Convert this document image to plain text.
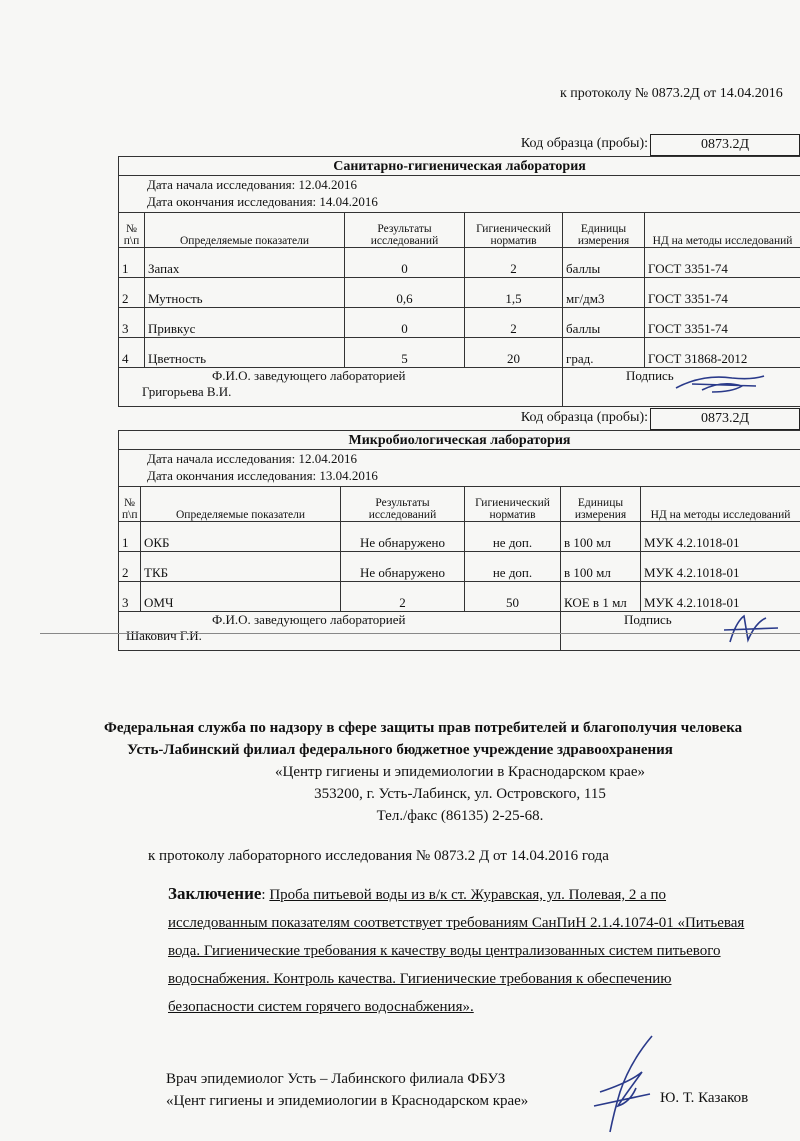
к протоколу № 0873.2Д от 14.04.2016
Код образца (пробы):	0873.2Д
Санитарно-гигиеническая лаборатория					

Дата начала исследования: 12.04.2016
Дата окончания исследования: 14.04.2016					

№ п\п	Определяемые показатели	Результаты исследований	Гигиенический норматив	Единицы измерения	НД на методы исследований
1	Запах	0	2	баллы	ГОСТ 3351-74
2	Мутность	0,6	1,5	мг/дм3	ГОСТ 3351-74
3	Привкус	0	2	баллы	ГОСТ 3351-74
4	Цветность	5	20	град.	ГОСТ 31868-2012

Ф.И.О. заведующего лабораторией
Григорьева В.И.				Подпись	
Код образца (пробы):	0873.2Д
Микробиологическая лаборатория					

Дата начала исследования: 12.04.2016
Дата окончания исследования: 13.04.2016					

№ п\п	Определяемые показатели	Результаты исследований	Гигиенический норматив	Единицы измерения	НД на методы исследований
1	ОКБ	Не обнаружено	не доп.	в 100 мл	МУК 4.2.1018-01
2	ТКБ	Не обнаружено	не доп.	в 100 мл	МУК 4.2.1018-01
3	ОМЧ	2	50	КОЕ в 1 мл	МУК 4.2.1018-01

Ф.И.О. заведующего лабораторией
Шакович Г.И.				Подпись	
Федеральная служба по надзору в сфере защиты прав потребителей и благополучия человека
Усть-Лабинский филиал федерального бюджетное учреждение здравоохранения
«Центр гигиены и эпидемиологии в Краснодарском крае»
353200, г. Усть-Лабинск, ул. Островского, 115
Тел./факс (86135) 2-25-68.
к протоколу лабораторного исследования № 0873.2 Д от 14.04.2016 года
Заключение: Проба питьевой воды из в/к ст. Журавская, ул. Полевая, 2 а по
исследованным показателям соответствует требованиям СанПиН 2.1.4.1074-01 «Питьевая
вода. Гигиенические требования к качеству воды централизованных систем питьевого
водоснабжения. Контроль качества. Гигиенические требования к обеспечению
безопасности систем горячего водоснабжения».
Врач эпидемиолог Усть – Лабинского филиала ФБУЗ
«Цент гигиены и эпидемиологии в Краснодарском крае»	Ю. Т. Казаков
